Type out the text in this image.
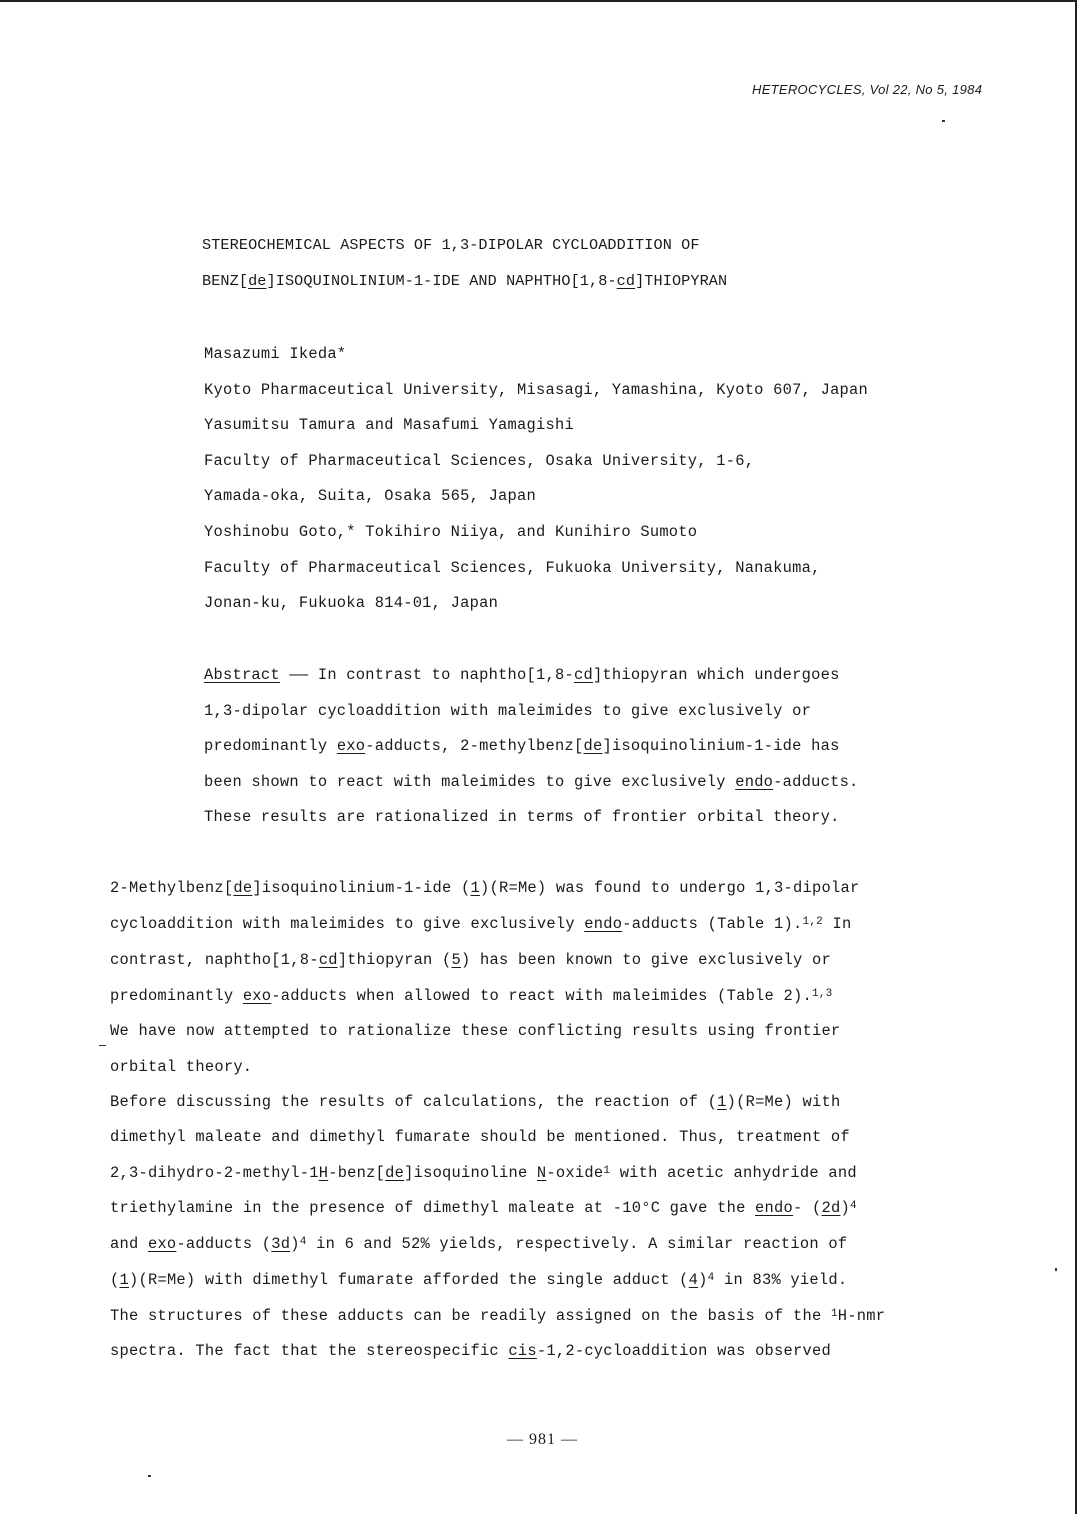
HETEROCYCLES, Vol 22, No 5, 1984
STEREOCHEMICAL ASPECTS OF 1,3-DIPOLAR CYCLOADDITION OF
BENZ[de]ISOQUINOLINIUM-1-IDE AND NAPHTHO[1,8-cd]THIOPYRAN
Masazumi Ikeda*
Kyoto Pharmaceutical University, Misasagi, Yamashina, Kyoto 607, Japan
Yasumitsu Tamura and Masafumi Yamagishi
Faculty of Pharmaceutical Sciences, Osaka University, 1-6,
Yamada-oka, Suita, Osaka 565, Japan
Yoshinobu Goto,* Tokihiro Niiya, and Kunihiro Sumoto
Faculty of Pharmaceutical Sciences, Fukuoka University, Nanakuma,
Jonan-ku, Fukuoka 814-01, Japan
Abstract —— In contrast to naphtho[1,8-cd]thiopyran which undergoes
1,3-dipolar cycloaddition with maleimides to give exclusively or
predominantly exo-adducts, 2-methylbenz[de]isoquinolinium-1-ide has
been shown to react with maleimides to give exclusively endo-adducts.
These results are rationalized in terms of frontier orbital theory.
2-Methylbenz[de]isoquinolinium-1-ide (1)(R=Me) was found to undergo 1,3-dipolar
cycloaddition with maleimides to give exclusively endo-adducts (Table 1).$^{1,2}$ In
contrast, naphtho[1,8-cd]thiopyran (5) has been known to give exclusively or
predominantly exo-adducts when allowed to react with maleimides (Table 2).$^{1,3}$
We have now attempted to rationalize these conflicting results using frontier
orbital theory.
Before discussing the results of calculations, the reaction of (1)(R=Me) with
dimethyl maleate and dimethyl fumarate should be mentioned. Thus, treatment of
2,3-dihydro-2-methyl-1H-benz[de]isoquinoline N-oxide$^1$ with acetic anhydride and
triethylamine in the presence of dimethyl maleate at -10°C gave the endo- $(2d)^4$
and exo-adducts $(3d)^4$ in 6 and 52% yields, respectively. A similar reaction of
(1)(R=Me) with dimethyl fumarate afforded the single adduct $(4)^4$ in 83% yield.
The structures of these adducts can be readily assigned on the basis of the $^1$H-nmr
spectra. The fact that the stereospecific cis-1,2-cycloaddition was observed
— 981 —
